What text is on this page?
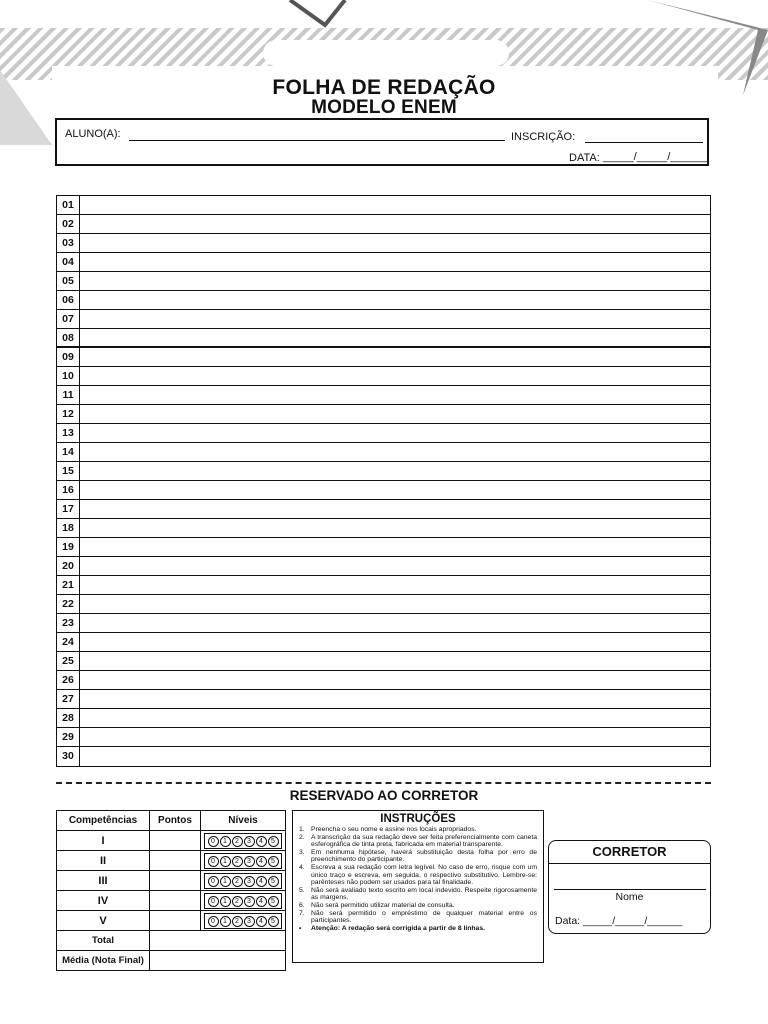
FOLHA DE REDAÇÃO
MODELO ENEM
ALUNO(A):	INSCRIÇÃO:
DATA: _____/_____/______
01
02
03
04
05
06
07
08
09
10
11
12
13
14
15
16
17
18
19
20
21
22
23
24
25
26
27
28
29
30
RESERVADO AO CORRETOR
Competências	Pontos	Níveis
I		0 1 2 3 4 5
II		0 1 2 3 4 5
III		0 1 2 3 4 5
IV		0 1 2 3 4 5
V		0 1 2 3 4 5
Total		
Média (Nota Final)		
INSTRUÇÕES
1. Preencha o seu nome e assine nos locais apropriados.
2. A transcrição da sua redação deve ser feita preferencialmente com caneta esferográfica de tinta preta, fabricada em material transparente.
3. Em nenhuma hipótese, haverá substituição desta folha por erro de preenchimento do participante.
4. Escreva a sua redação com letra legível. No caso de erro, risque com um único traço e escreva, em seguida, o respectivo substitutivo. Lembre-se: parênteses não podem ser usados para tal finalidade.
5. Não será avaliado texto escrito em local indevido. Respeite rigorosamente as margens.
6. Não será permitido utilizar material de consulta.
7. Não será permitido o empréstimo de qualquer material entre os participantes.
• Atenção: A redação será corrigida a partir de 8 linhas.
CORRETOR
Nome
Data: _____/_____/______
